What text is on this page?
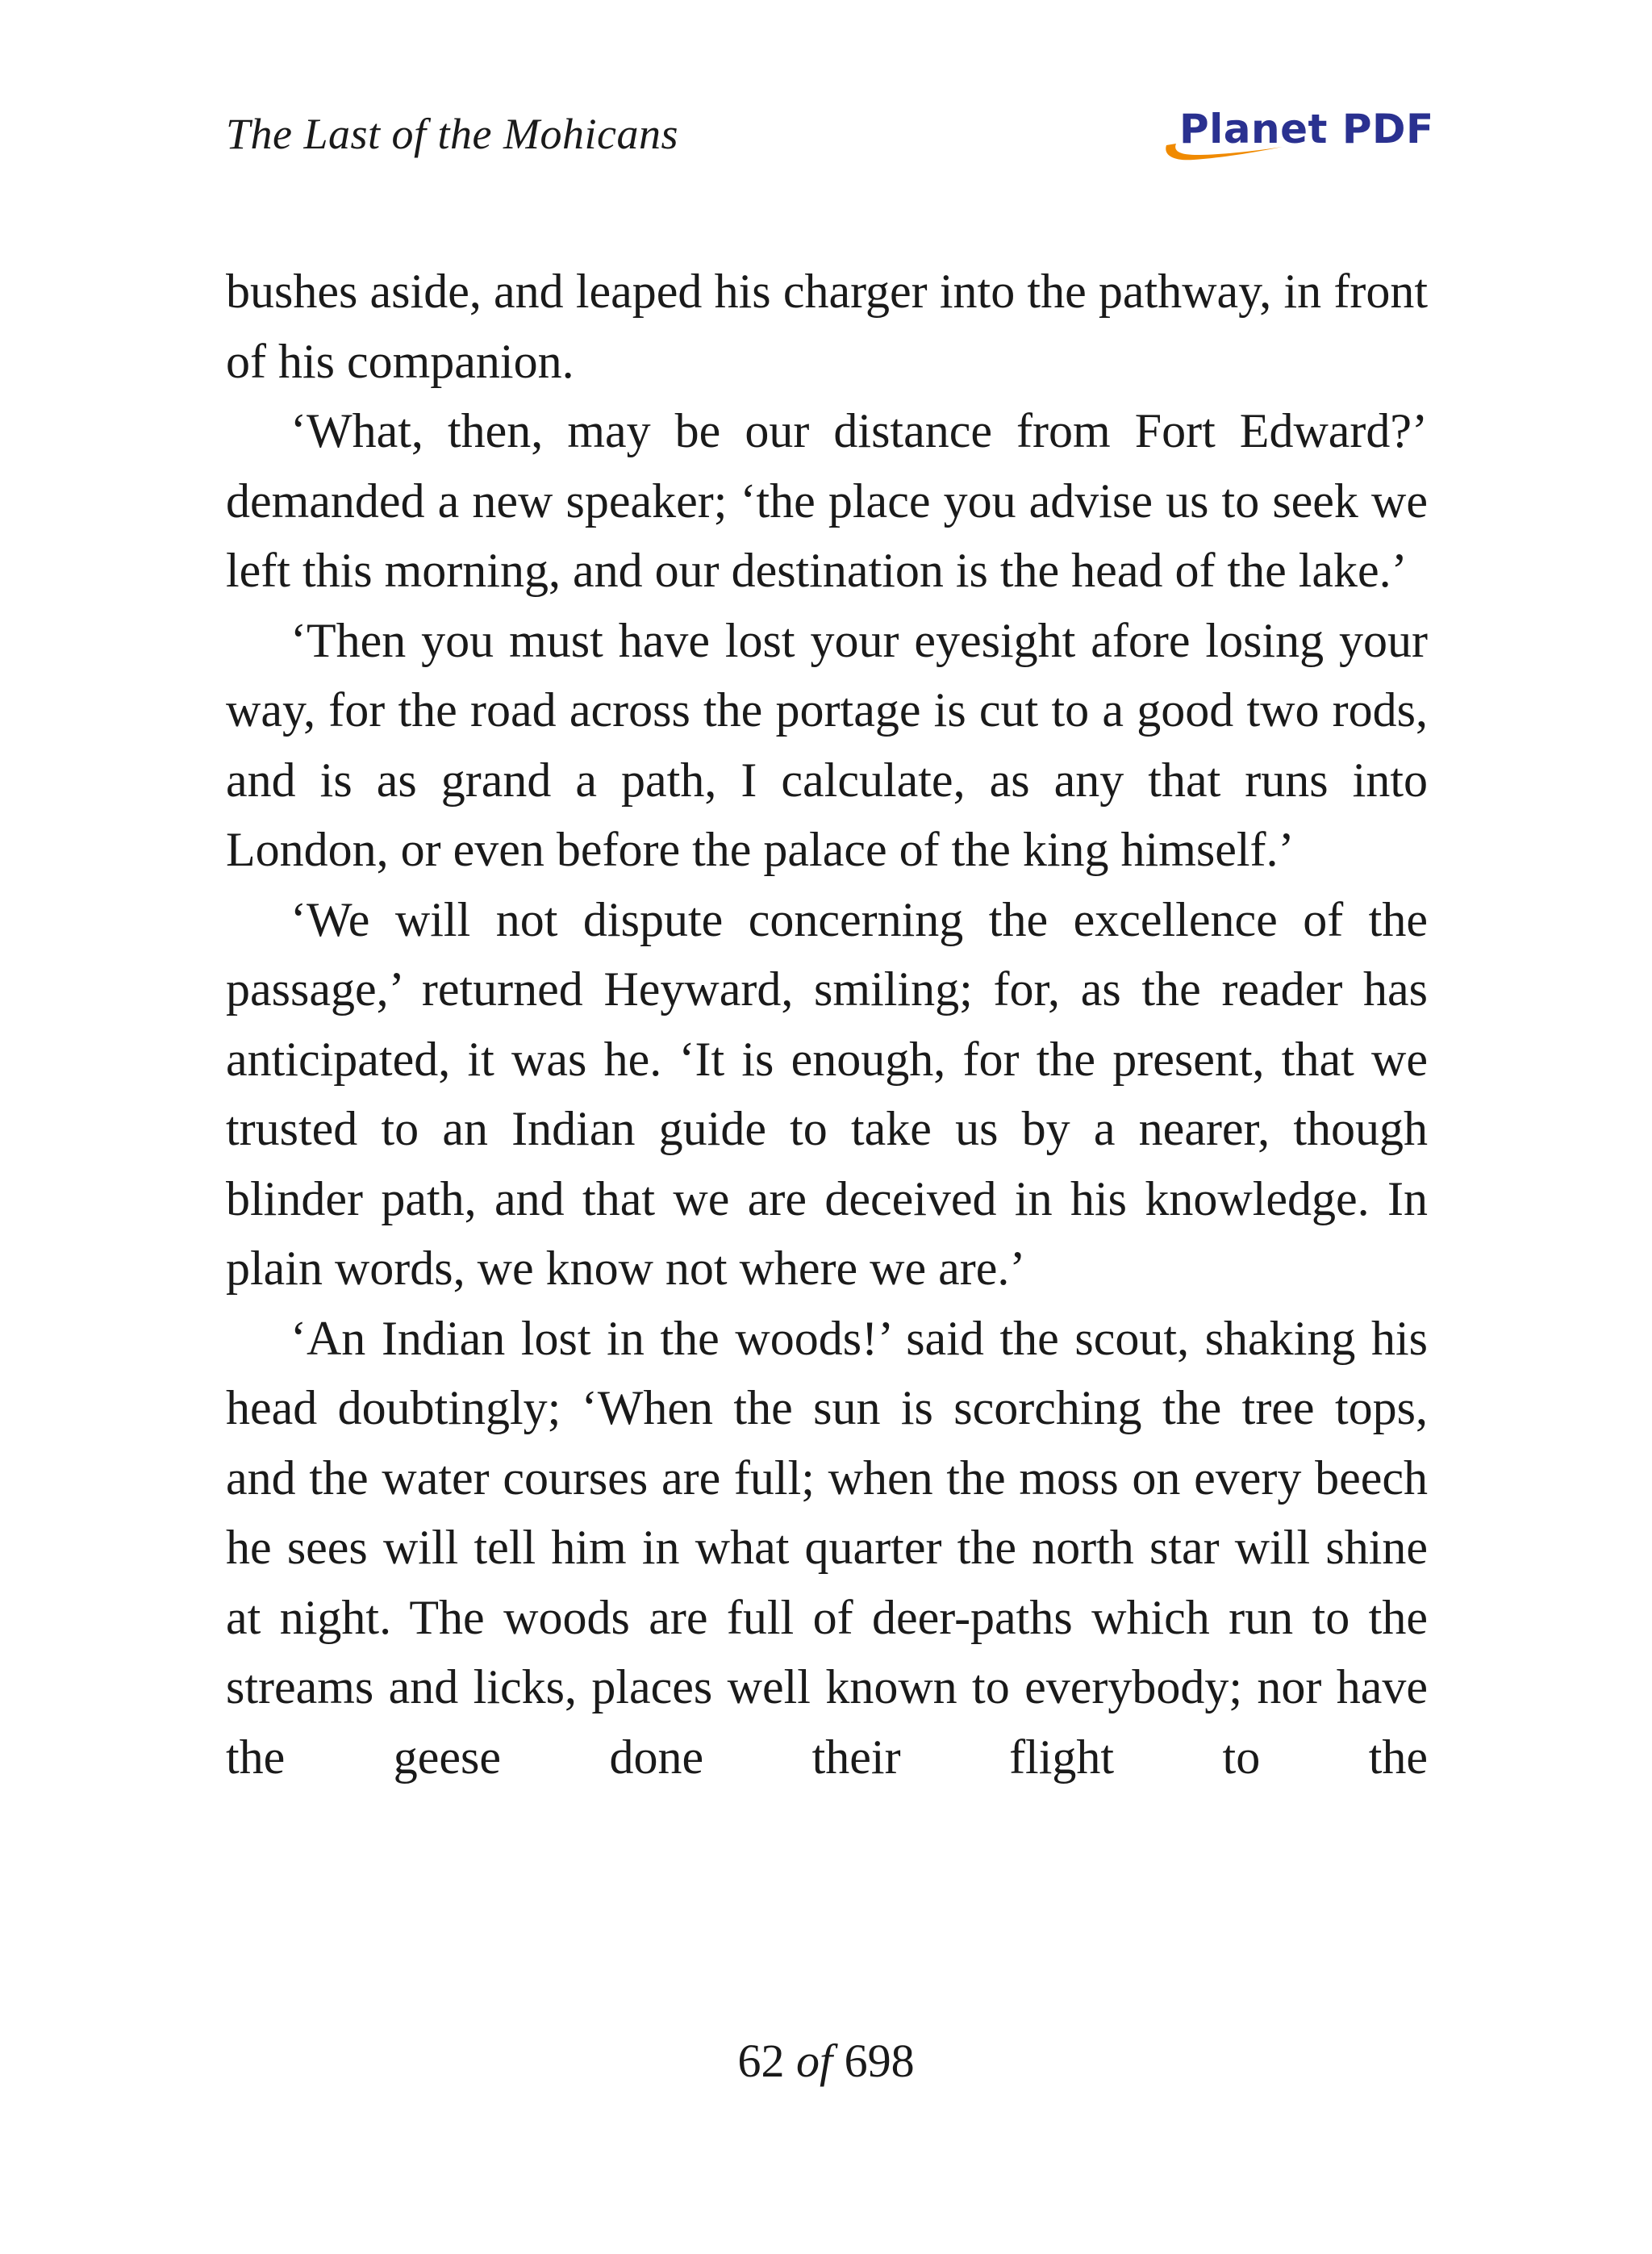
The Last of the Mohicans	Planet PDF

bushes aside, and leaped his charger into the pathway, in front of his companion.

‘What, then, may be our distance from Fort Edward?’ demanded a new speaker; ‘the place you advise us to seek we left this morning, and our destination is the head of the lake.’

‘Then you must have lost your eyesight afore losing your way, for the road across the portage is cut to a good two rods, and is as grand a path, I calculate, as any that runs into London, or even before the palace of the king himself.’

‘We will not dispute concerning the excellence of the passage,’ returned Heyward, smiling; for, as the reader has anticipated, it was he. ‘It is enough, for the present, that we trusted to an Indian guide to take us by a nearer, though blinder path, and that we are deceived in his knowledge. In plain words, we know not where we are.’

‘An Indian lost in the woods!’ said the scout, shaking his head doubtingly; ‘When the sun is scorching the tree tops, and the water courses are full; when the moss on every beech he sees will tell him in what quarter the north star will shine at night. The woods are full of deer-paths which run to the streams and licks, places well known to everybody; nor have the geese done their flight to the

62 of 698
